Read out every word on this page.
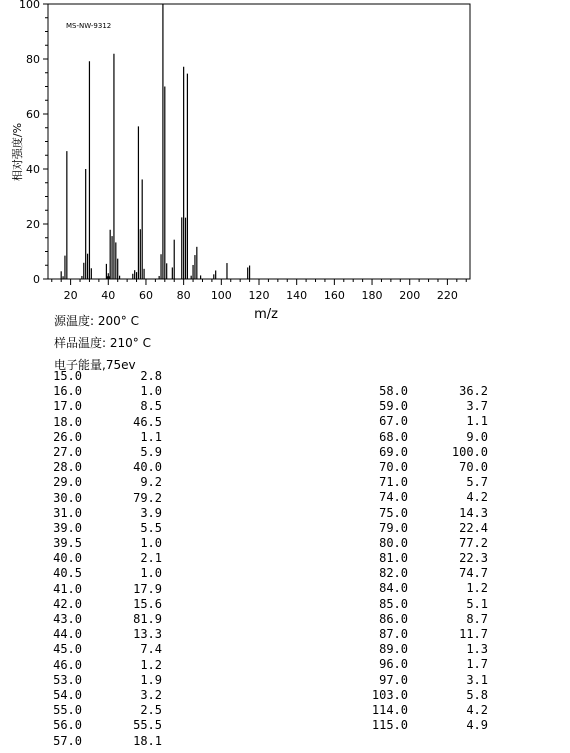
0
20
40
60
80
100
20 40 60 80 100 120 140 160 180 200 220
MS-NW-9312
m/z
相对强度/%
源温度: 200° C
样品温度: 210° C
电子能量,75ev
15.0	2.8
16.0	1.0
17.0	8.5
18.0	46.5
26.0	1.1
27.0	5.9
28.0	40.0
29.0	9.2
30.0	79.2
31.0	3.9
39.0	5.5
39.5	1.0
40.0	2.1
40.5	1.0
41.0	17.9
42.0	15.6
43.0	81.9
44.0	13.3
45.0	7.4
46.0	1.2
53.0	1.9
54.0	3.2
55.0	2.5
56.0	55.5
57.0	18.1
58.0	36.2
59.0	3.7
67.0	1.1
68.0	9.0
69.0	100.0
70.0	70.0
71.0	5.7
74.0	4.2
75.0	14.3
79.0	22.4
80.0	77.2
81.0	22.3
82.0	74.7
84.0	1.2
85.0	5.1
86.0	8.7
87.0	11.7
89.0	1.3
96.0	1.7
97.0	3.1
103.0	5.8
114.0	4.2
115.0	4.9
